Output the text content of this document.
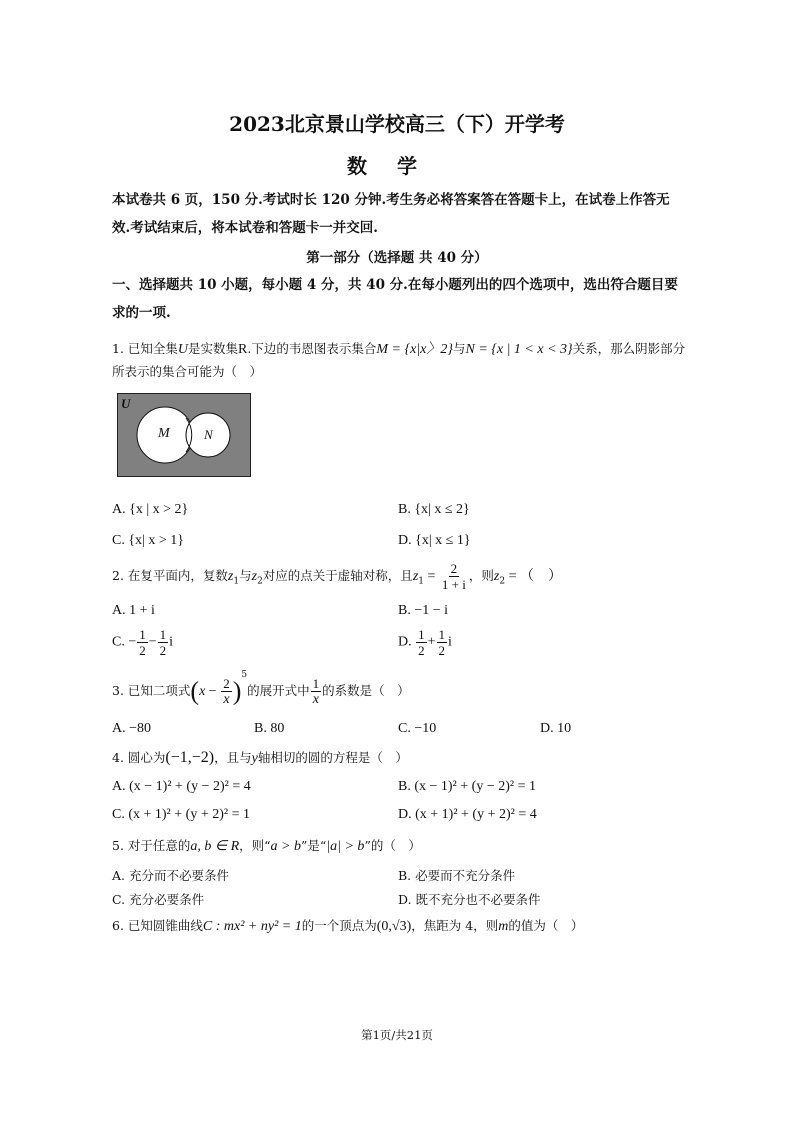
2023北京景山学校高三（下）开学考
数学
本试卷共 6 页，150 分.考试时长 120 分钟.考生务必将答案答在答题卡上，在试卷上作答无
效.考试结束后，将本试卷和答题卡一并交回.
第一部分（选择题 共 40 分）
一、选择题共 10 小题，每小题 4 分，共 40 分.在每小题列出的四个选项中，选出符合题目要
求的一项.
1. 已知全集U是实数集R.下边的韦恩图表示集合M = {x|x〉2}与N = {x | 1 < x < 3}关系，那么阴影部分
所表示的集合可能为（　）
U
M	N
A. {x | x > 2}	B. {x| x ≤ 2}
C. {x| x > 1}	D. {x| x ≤ 1}
2. 在复平面内，复数$z_1$与$z_2$对应的点关于虚轴对称，且$z_1 = \frac{2}{1 + i}$ ，则$z_2$ = （　）
A. 1 + i	B. −1 − i
C. − $\frac{1}{2} - \frac{1}{2}$ i	D. $\frac{1}{2} + \frac{1}{2}$ i
3. 已知二项式$(x - \frac{2}{x} )^5$的展开式中 $\frac{1}{x}$ 的系数是（　）
A. −80	B. 80	C. −10	D. 10
4. 圆心为(−1,−2)，且与y轴相切的圆的方程是（　）
A. (x − 1)² + (y − 2)² = 4	B. (x − 1)² + (y − 2)² = 1
C. (x + 1)² + (y + 2)² = 1	D. (x + 1)² + (y + 2)² = 4
5. 对于任意的a, b ∈ R，则“a > b”是“|a| > b”的（　）
A. 充分而不必要条件	B. 必要而不充分条件
C. 充分必要条件	D. 既不充分也不必要条件
6. 已知圆锥曲线C : mx² + ny² = 1的一个顶点为(0,√3)，焦距为 4，则m的值为（　）
第1页/共21页
